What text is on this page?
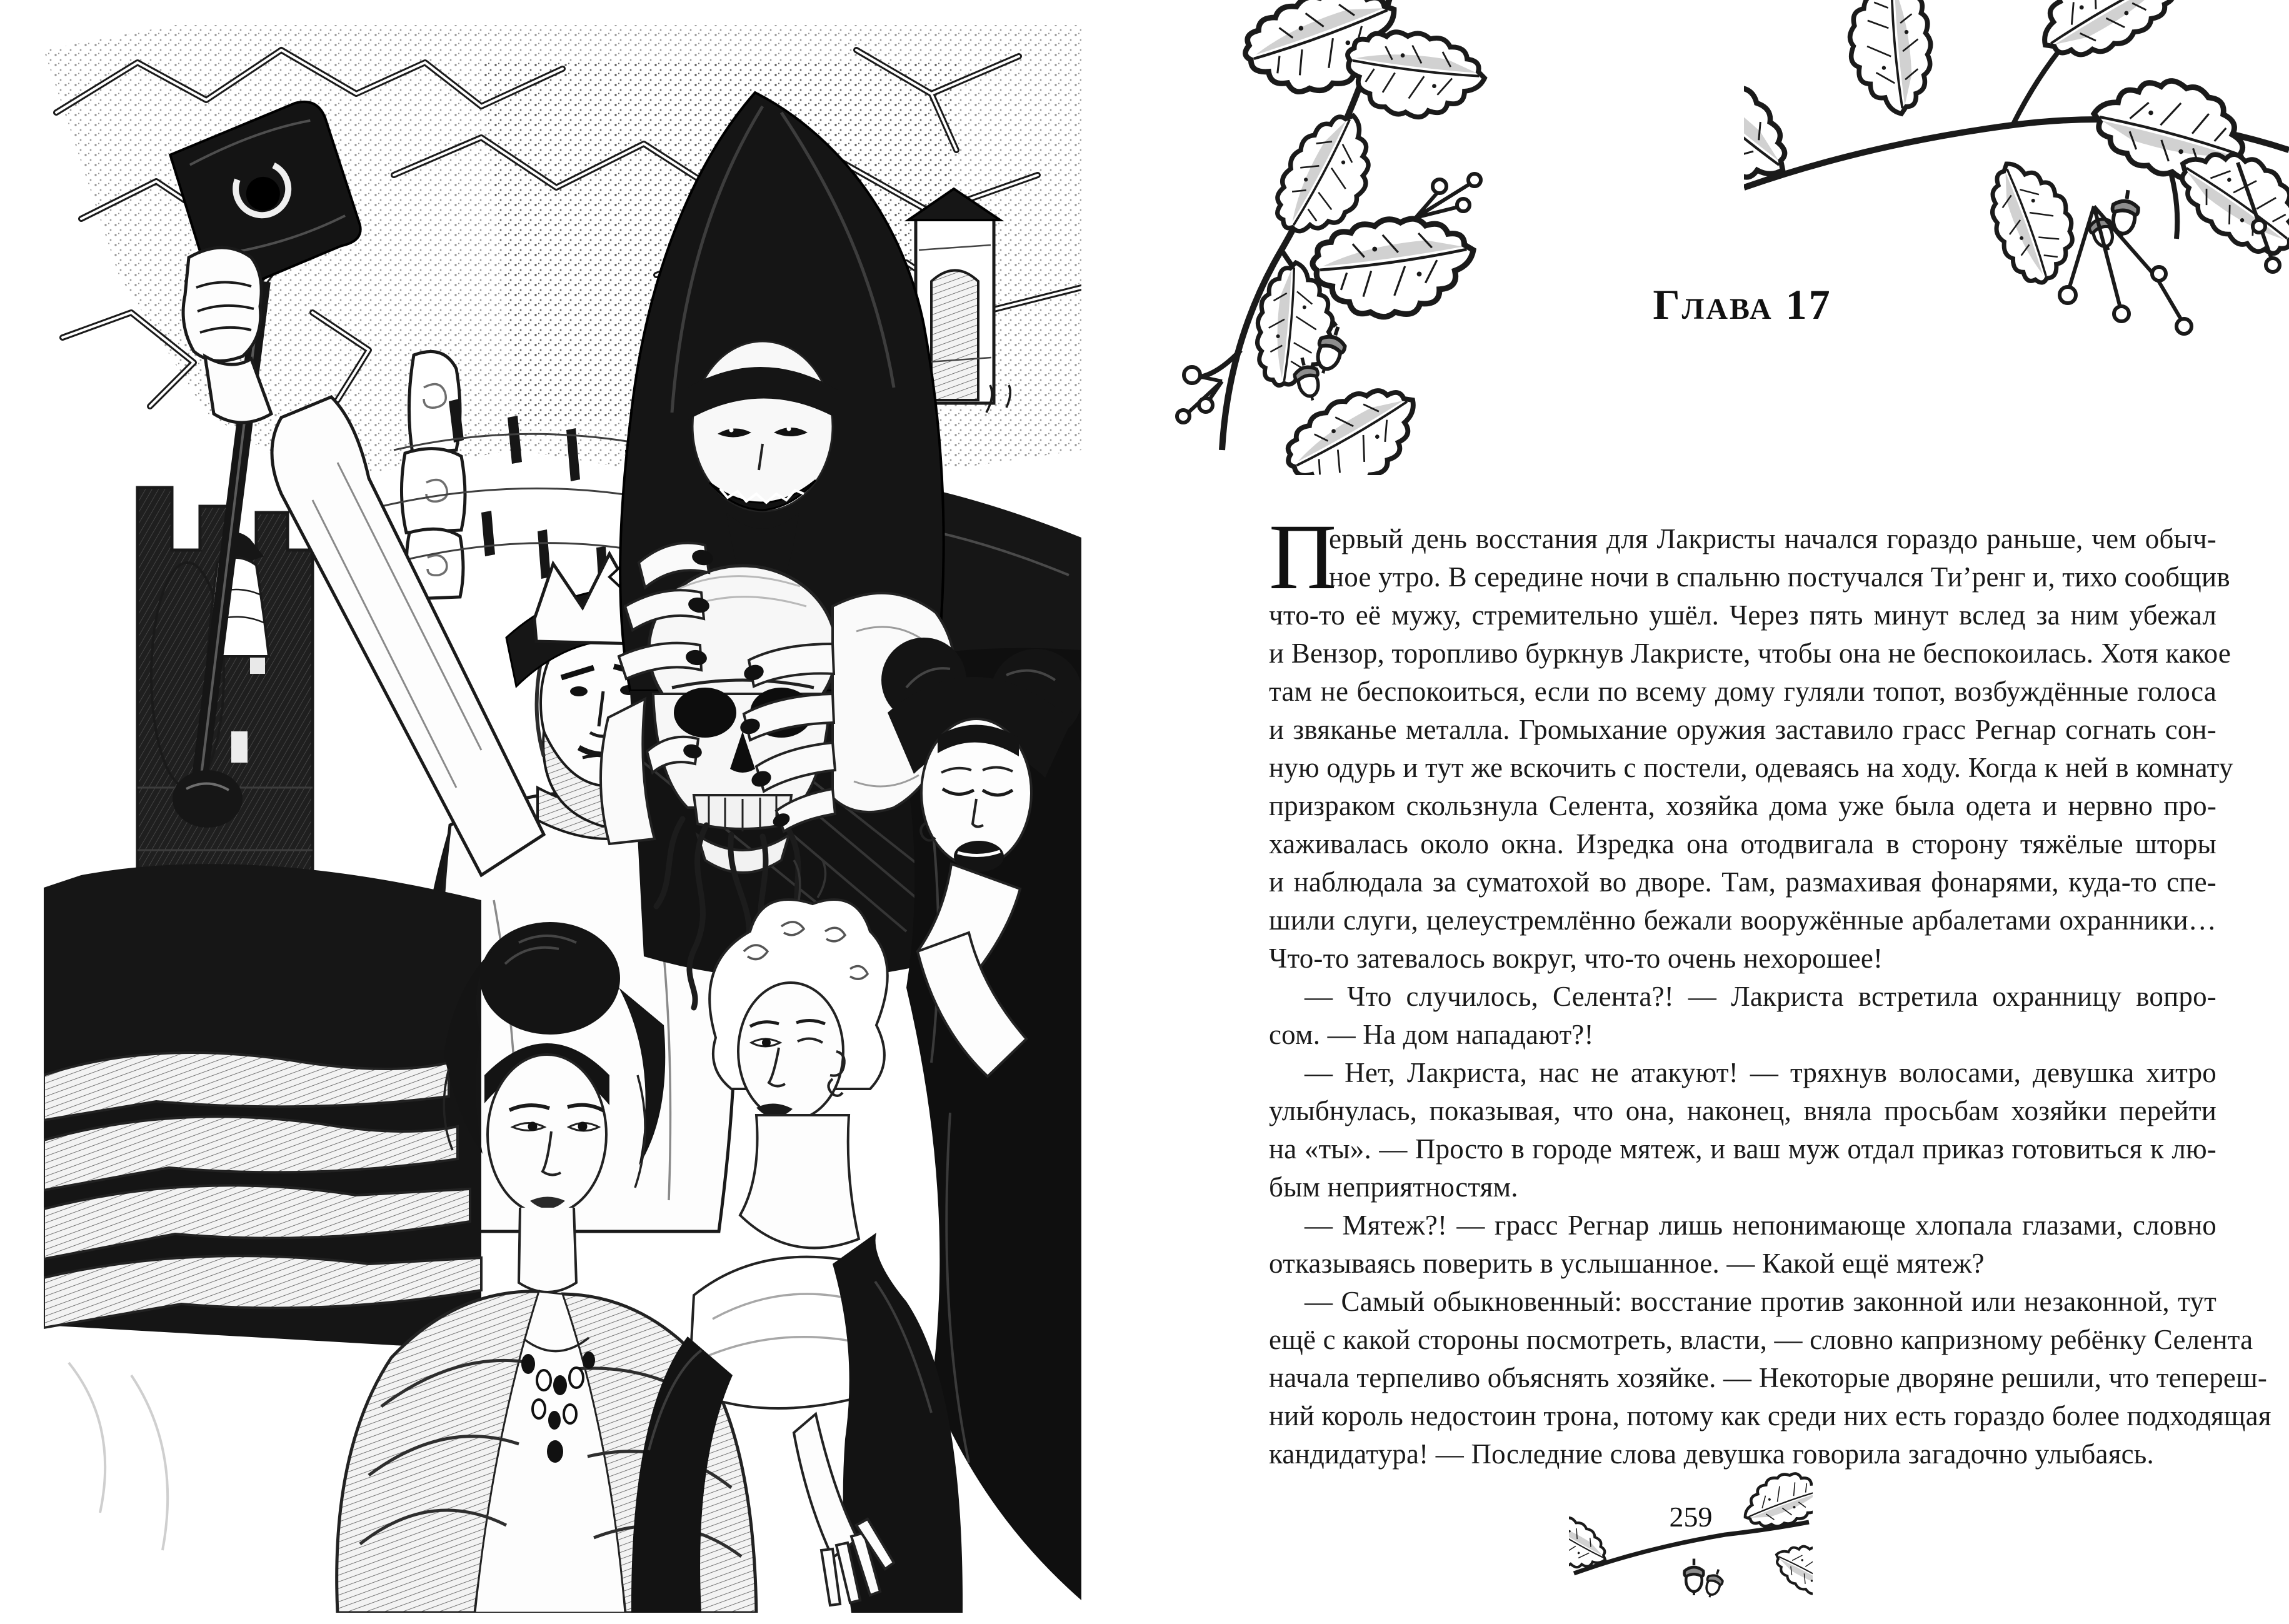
Глава 17
П
ервый день восстания для Лакристы начался гораздо раньше, чем обыч-
ное утро. В середине ночи в спальню постучался Ти’ренг и, тихо сообщив
что-то её мужу, стремительно ушёл. Через пять минут вслед за ним убежал
и Вензор, торопливо буркнув Лакристе, чтобы она не беспокоилась. Хотя какое
там не беспокоиться, если по всему дому гуляли топот, возбуждённые голоса
и звяканье металла. Громыхание оружия заставило грасс Регнар согнать сон-
ную одурь и тут же вскочить с постели, одеваясь на ходу. Когда к ней в комнату
призраком скользнула Селента, хозяйка дома уже была одета и нервно про-
хаживалась около окна. Изредка она отодвигала в сторону тяжёлые шторы
и наблюдала за суматохой во дворе. Там, размахивая фонарями, куда-то спе-
шили слуги, целеустремлённо бежали вооружённые арбалетами охранники…
Что-то затевалось вокруг, что-то очень нехорошее!
— Что случилось, Селента?! — Лакриста встретила охранницу вопро-
сом. — На дом нападают?!
— Нет, Лакриста, нас не атакуют! — тряхнув волосами, девушка хитро
улыбнулась, показывая, что она, наконец, вняла просьбам хозяйки перейти
на «ты». — Просто в городе мятеж, и ваш муж отдал приказ готовиться к лю-
бым неприятностям.
— Мятеж?! — грасс Регнар лишь непонимающе хлопала глазами, словно
отказываясь поверить в услышанное. — Какой ещё мятеж?
— Самый обыкновенный: восстание против законной или незаконной, тут
ещё с какой стороны посмотреть, власти, — словно капризному ребёнку Селента
начала терпеливо объяснять хозяйке. — Некоторые дворяне решили, что тепереш-
ний король недостоин трона, потому как среди них есть гораздо более подходящая
кандидатура! — Последние слова девушка говорила загадочно улыбаясь.
259
